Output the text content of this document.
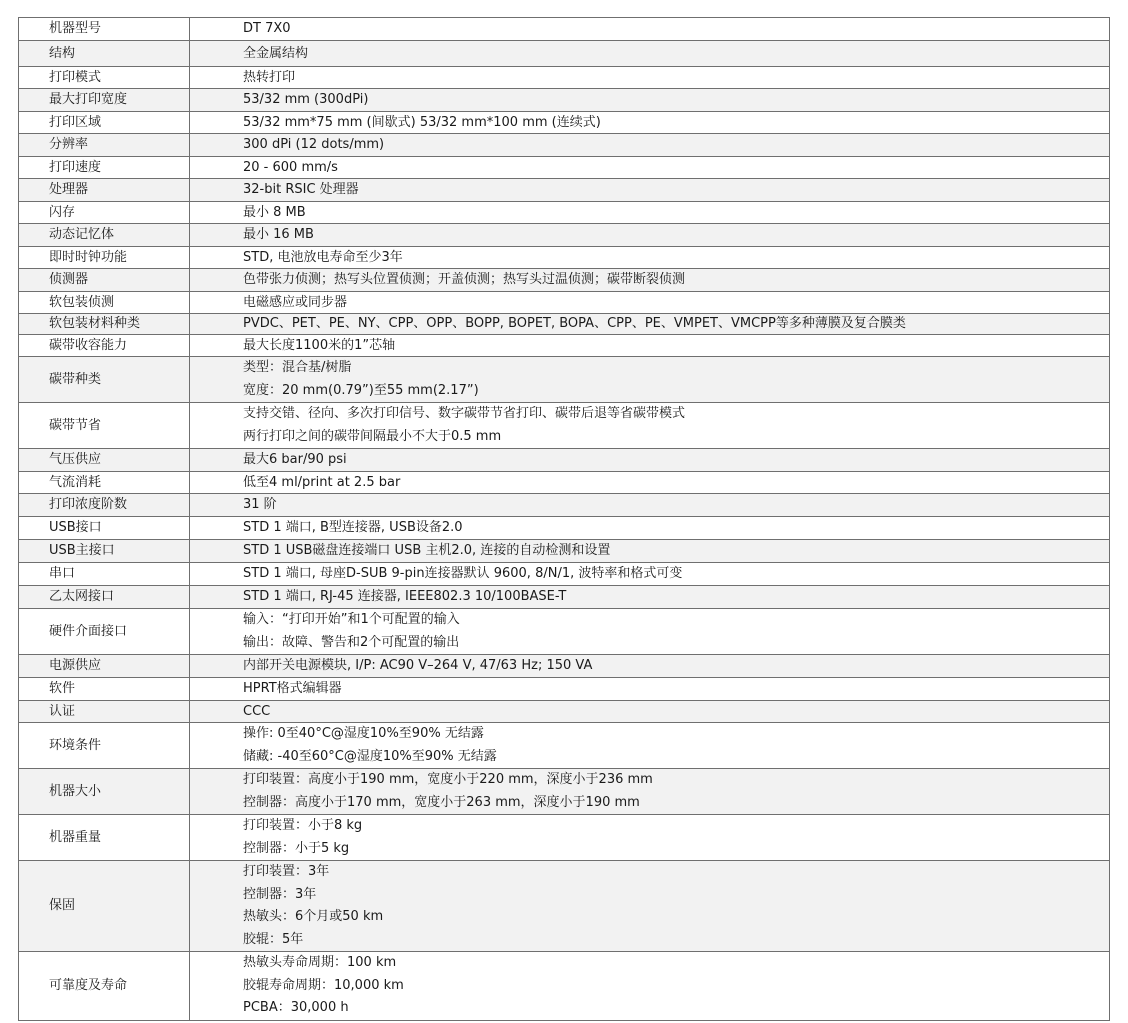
机器型号	DT 7X0

结构	全金属结构

打印模式	热转打印

最大打印宽度	53/32 mm (300dPi)

打印区域	53/32 mm*75 mm (间歇式) 53/32 mm*100 mm (连续式)

分辨率	300 dPi (12 dots/mm)

打印速度	20 - 600 mm/s

处理器	32-bit RSIC 处理器

闪存	最小 8 MB

动态记忆体	最小 16 MB

即时时钟功能	STD, 电池放电寿命至少3年

侦测器	色带张力侦测；热写头位置侦测；开盖侦测；热写头过温侦测；碳带断裂侦测

软包装侦测	电磁感应或同步器

软包装材料种类	PVDC、PET、PE、NY、CPP、OPP、BOPP, BOPET, BOPA、CPP、PE、VMPET、VMCPP等多种薄膜及复合膜类

碳带收容能力	最大长度1100米的1”芯轴

碳带种类	类型：混合基/树脂
宽度：20 mm(0.79”)至55 mm(2.17”)

碳带节省	支持交错、径向、多次打印信号、数字碳带节省打印、碳带后退等省碳带模式
两行打印之间的碳带间隔最小不大于0.5 mm

气压供应	最大6 bar/90 psi

气流消耗	低至4 ml/print at 2.5 bar

打印浓度阶数	31 阶

USB接口	STD 1 端口, B型连接器, USB设备2.0

USB主接口	STD 1 USB磁盘连接端口 USB 主机2.0, 连接的自动检测和设置

串口	STD 1 端口, 母座D-SUB 9-pin连接器默认 9600, 8/N/1, 波特率和格式可变

乙太网接口	STD 1 端口, RJ-45 连接器, IEEE802.3 10/100BASE-T

硬件介面接口	输入：“打印开始”和1个可配置的输入
输出：故障、警告和2个可配置的输出

电源供应	内部开关电源模块, I/P: AC90 V–264 V, 47/63 Hz; 150 VA

软件	HPRT格式编辑器

认证	CCC

环境条件	操作: 0至40°C@湿度10%至90% 无结露
储藏: -40至60°C@湿度10%至90% 无结露

机器大小	打印装置：高度小于190 mm，宽度小于220 mm，深度小于236 mm
控制器：高度小于170 mm，宽度小于263 mm，深度小于190 mm

机器重量	打印装置：小于8 kg
控制器：小于5 kg

保固	打印装置：3年
控制器：3年
热敏头：6个月或50 km
胶辊：5年

可靠度及寿命	热敏头寿命周期：100 km
胶辊寿命周期：10,000 km
PCBA：30,000 h
